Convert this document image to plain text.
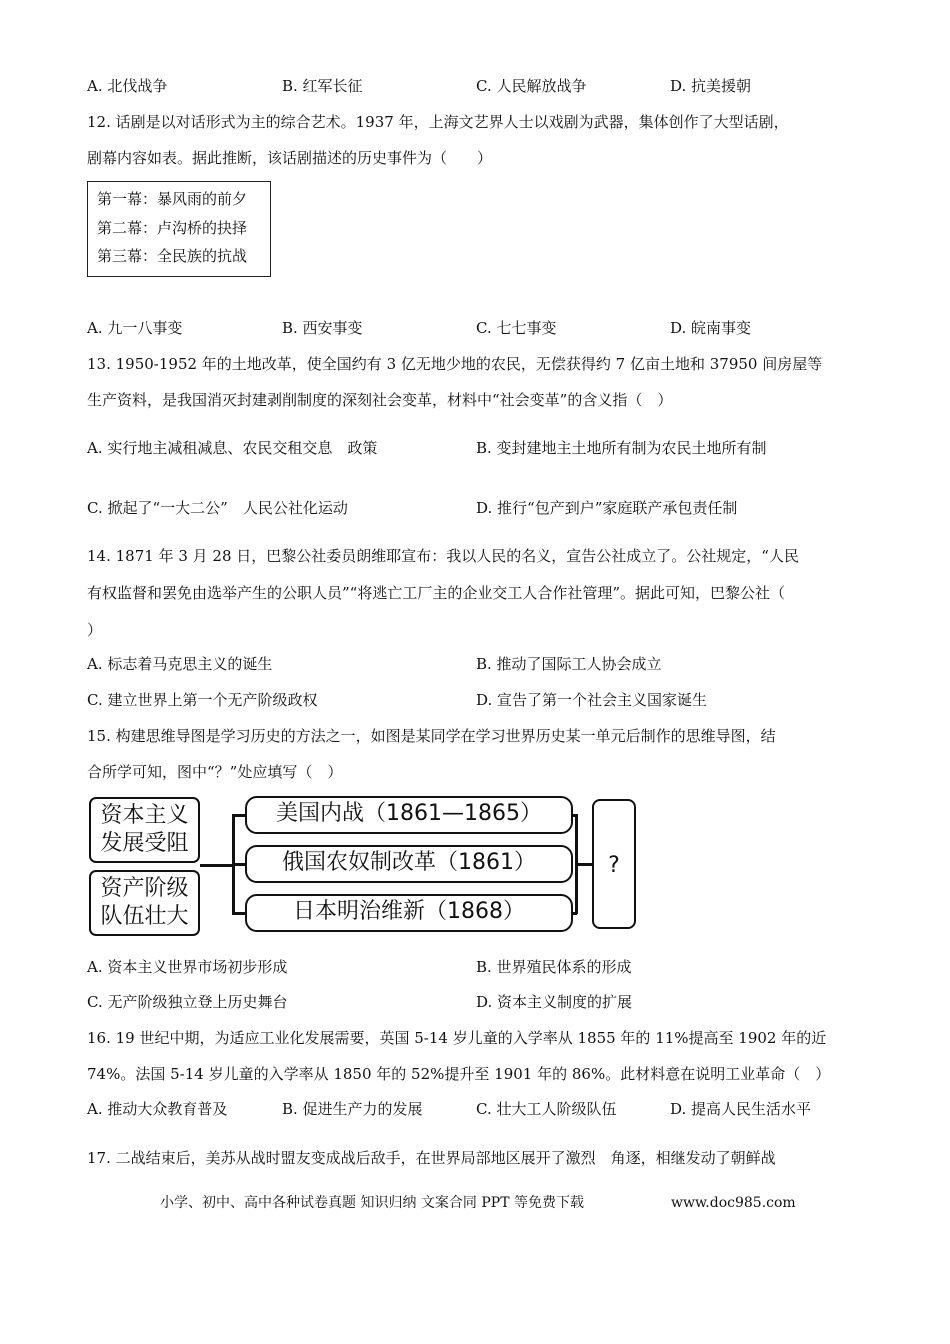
A. 北伐战争	B. 红军长征	C. 人民解放战争	D. 抗美援朝
12. 话剧是以对话形式为主的综合艺术。1937 年，上海文艺界人士以戏剧为武器，集体创作了大型话剧，
剧幕内容如表。据此推断，该话剧描述的历史事件为（　　）
第一幕：暴风雨的前夕
第二幕：卢沟桥的抉择
第三幕：全民族的抗战
A. 九一八事变	B. 西安事变	C. 七七事变	D. 皖南事变
13. 1950-1952 年的土地改革，使全国约有 3 亿无地少地的农民，无偿获得约 7 亿亩土地和 37950 间房屋等
生产资料，是我国消灭封建剥削制度的深刻社会变革，材料中“社会变革”的含义指（　）
A. 实行地主减租减息、农民交租交息　政策	B. 变封建地主土地所有制为农民土地所有制
C. 掀起了“一大二公”　人民公社化运动	D. 推行“包产到户”家庭联产承包责任制
14. 1871 年 3 月 28 日，巴黎公社委员朗维耶宣布：我以人民的名义，宣告公社成立了。公社规定，“人民
有权监督和罢免由选举产生的公职人员”“将逃亡工厂主的企业交工人合作社管理”。据此可知，巴黎公社（
）
A. 标志着马克思主义的诞生	B. 推动了国际工人协会成立
C. 建立世界上第一个无产阶级政权	D. 宣告了第一个社会主义国家诞生
15. 构建思维导图是学习历史的方法之一，如图是某同学在学习世界历史某一单元后制作的思维导图，结
合所学可知，图中“？”处应填写（　）
资本主义
发展受阻
资产阶级
队伍壮大
美国内战（1861—1865）
俄国农奴制改革（1861）
日本明治维新（1868）
?
A. 资本主义世界市场初步形成	B. 世界殖民体系的形成
C. 无产阶级独立登上历史舞台	D. 资本主义制度的扩展
16. 19 世纪中期，为适应工业化发展需要，英国 5-14 岁儿童的入学率从 1855 年的 11%提高至 1902 年的近
74%。法国 5-14 岁儿童的入学率从 1850 年的 52%提升至 1901 年的 86%。此材料意在说明工业革命（　）
A. 推动大众教育普及	B. 促进生产力的发展	C. 壮大工人阶级队伍	D. 提高人民生活水平
17. 二战结束后，美苏从战时盟友变成战后敌手，在世界局部地区展开了激烈　角逐，相继发动了朝鲜战
小学、初中、高中各种试卷真题 知识归纳 文案合同 PPT 等免费下载	www.doc985.com
